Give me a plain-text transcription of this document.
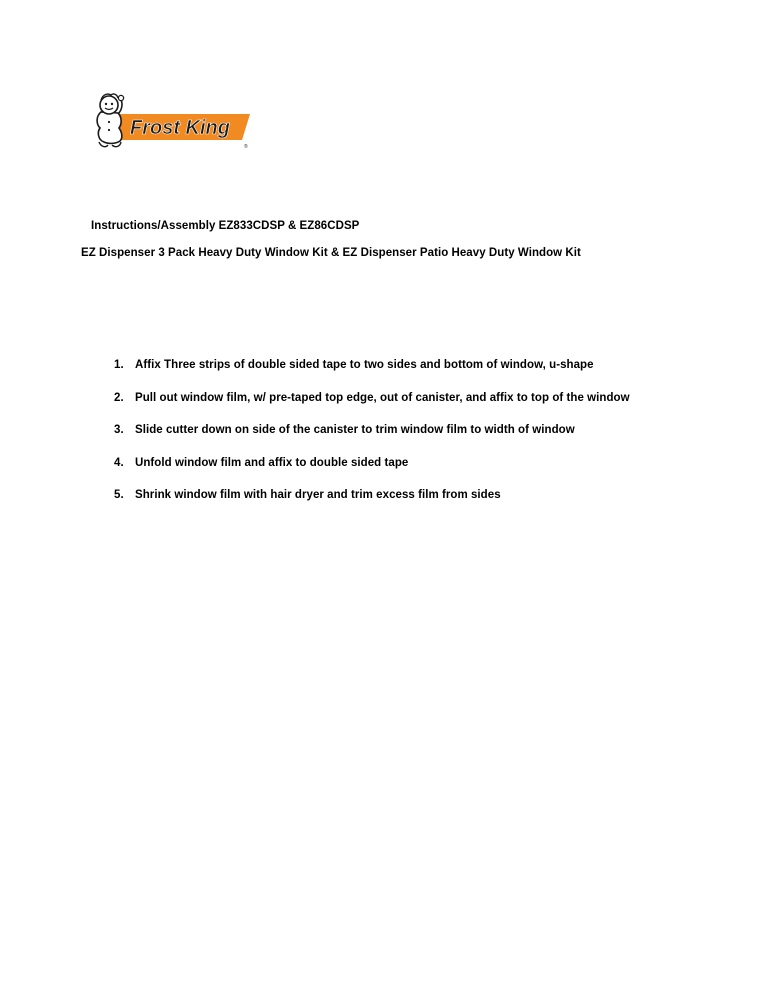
Frost King
®
Instructions/Assembly EZ833CDSP & EZ86CDSP
EZ Dispenser 3 Pack Heavy Duty Window Kit & EZ Dispenser Patio Heavy Duty Window Kit
1. Affix Three strips of double sided tape to two sides and bottom of window, u-shape
2. Pull out window film, w/ pre-taped top edge, out of canister, and affix to top of the window
3. Slide cutter down on side of the canister to trim window film to width of window
4. Unfold window film and affix to double sided tape
5. Shrink window film with hair dryer and trim excess film from sides
